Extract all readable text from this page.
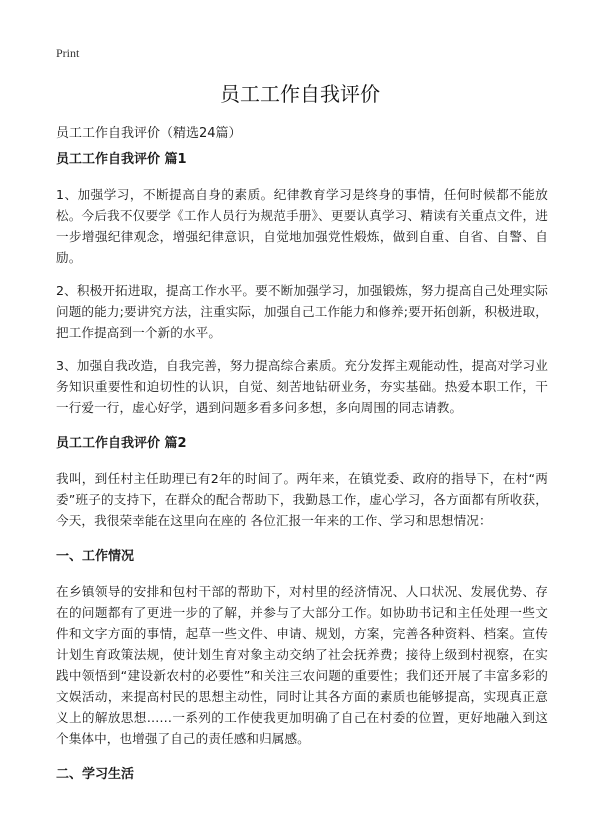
Print
员工工作自我评价

员工工作自我评价（精选24篇）

员工工作自我评价 篇1

1、加强学习，不断提高自身的素质。纪律教育学习是终身的事情，任何时候都不能放松。今后我不仅要学《工作人员行为规范手册》、更要认真学习、精读有关重点文件，进一步增强纪律观念，增强纪律意识，自觉地加强党性煅炼，做到自重、自省、自警、自励。

2、积极开拓进取，提高工作水平。要不断加强学习，加强锻炼，努力提高自己处理实际问题的能力;要讲究方法，注重实际，加强自己工作能力和修养;要开拓创新，积极进取，把工作提高到一个新的水平。

3、加强自我改造，自我完善，努力提高综合素质。充分发挥主观能动性，提高对学习业务知识重要性和迫切性的认识，自觉、刻苦地钻研业务，夯实基础。热爱本职工作，干一行爱一行，虚心好学，遇到问题多看多问多想，多向周围的同志请教。

员工工作自我评价 篇2

我叫，到任村主任助理已有2年的时间了。两年来，在镇党委、政府的指导下，在村“两委”班子的支持下，在群众的配合帮助下，我勤恳工作，虚心学习，各方面都有所收获，今天，我很荣幸能在这里向在座的 各位汇报一年来的工作、学习和思想情况：

一、工作情况

在乡镇领导的安排和包村干部的帮助下，对村里的经济情况、人口状况、发展优势、存在的问题都有了更进一步的了解，并参与了大部分工作。如协助书记和主任处理一些文件和文字方面的事情，起草一些文件、申请、规划，方案，完善各种资料、档案。宣传计划生育政策法规，使计划生育对象主动交纳了社会抚养费；接待上级到村视察，在实践中领悟到“建设新农村的必要性”和关注三农问题的重要性；我们还开展了丰富多彩的文娱活动，来提高村民的思想主动性，同时让其各方面的素质也能够提高，实现真正意义上的解放思想……一系列的工作使我更加明确了自己在村委的位置，更好地融入到这个集体中，也增强了自己的责任感和归属感。

二、学习生活
